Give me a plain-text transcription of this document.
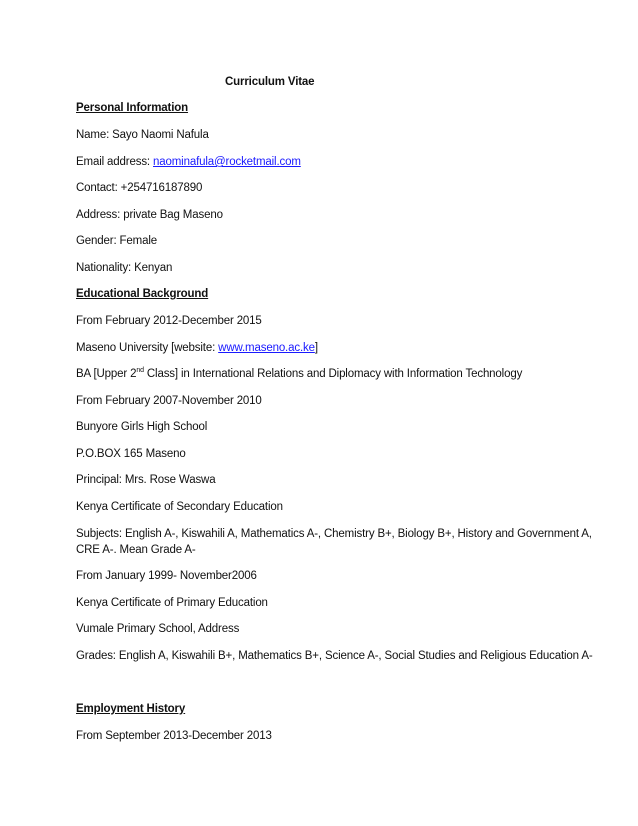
Curriculum Vitae
Personal Information
Name: Sayo Naomi Nafula
Email address: naominafula@rocketmail.com
Contact: +254716187890
Address: private Bag Maseno
Gender: Female
Nationality: Kenyan
Educational Background
From February 2012-December 2015
Maseno University [website: www.maseno.ac.ke]
BA [Upper 2nd Class] in International Relations and Diplomacy with Information Technology
From February 2007-November 2010
Bunyore Girls High School
P.O.BOX 165 Maseno
Principal: Mrs. Rose Waswa
Kenya Certificate of Secondary Education
Subjects: English A-, Kiswahili A, Mathematics A-, Chemistry B+, Biology B+, History and Government A,
CRE A-. Mean Grade A-
From January 1999- November2006
Kenya Certificate of Primary Education
Vumale Primary School, Address
Grades: English A, Kiswahili B+, Mathematics B+, Science A-, Social Studies and Religious Education A-
Employment History
From September 2013-December 2013
